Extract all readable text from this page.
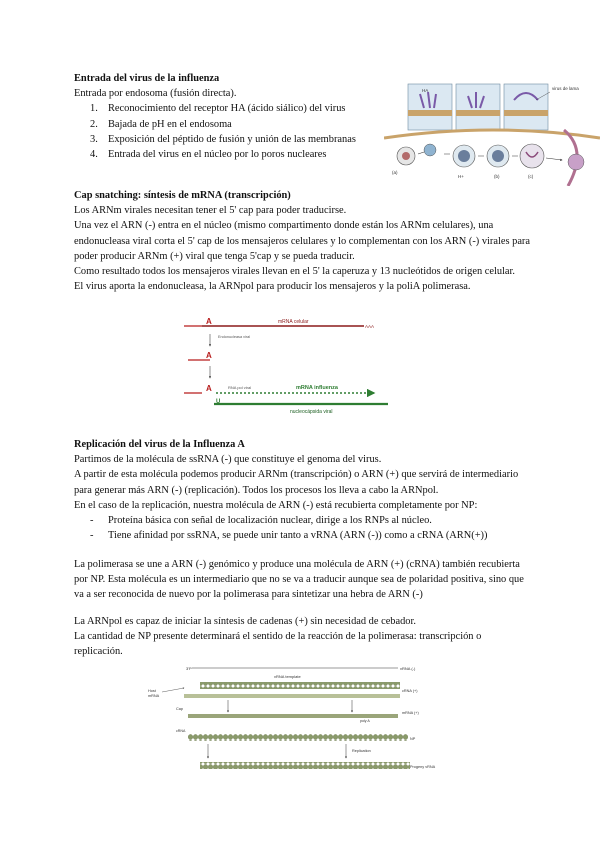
Entrada del virus de la influenza
Entrada por endosoma (fusión directa).
1. Reconocimiento del receptor HA (ácido siálico) del virus
2. Bajada de pH en el endosoma
3. Exposición del péptido de fusión y unión de las membranas
4. Entrada del virus en el núcleo por lo poros nucleares
HA	virus de lama
(a)
H+	(b)	(c)
Cap snatching: síntesis de mRNA (transcripción)
Los ARNm virales necesitan tener el 5' cap para poder traducirse.
Una vez el ARN (-) entra en el núcleo (mismo compartimento donde están los ARNm celulares), una endonucleasa viral corta el 5' cap de los mensajeros celulares y lo complementan con los ARN (-) virales para poder producir ARNm (+) viral que tenga 5'cap y se pueda traducir.
Como resultado todos los mensajeros virales llevan en el 5' la caperuza y 13 nucleótidos de origen celular.
El virus aporta la endonucleasa, la ARNpol para producir los mensajeros y la poliA polimerasa.
mRNA celular
A
AAA
Endonucleasa viral
A
A	RNA pol viral	mRNA influenza
U
nucleocápsida viral
Replicación del virus de la Influenza A
Partimos de la molécula de ssRNA (-) que constituye el genoma del virus.
A partir de esta molécula podemos producir ARNm (transcripción) o ARN (+) que servirá de intermediario para generar más ARN (-) (replicación). Todos los procesos los lleva a cabo la ARNpol.
En el caso de la replicación, nuestra molécula de ARN (-) está recubierta completamente por NP:
- Proteína básica con señal de localización nuclear, dirige a los RNPs al núcleo.
- Tiene afinidad por ssRNA, se puede unir tanto a vRNA (ARN (-)) como a cRNA (ARN(+))
La polimerasa se une a ARN (-) genómico y produce una molécula de ARN (+) (cRNA) también recubierta por NP. Esta molécula es un intermediario que no se va a traducir aunque sea de polaridad positiva, sino que va a ser reconocida de nuevo por la polimerasa para sintetizar una hebra de ARN (-)
La ARNpol es capaz de iniciar la síntesis de cadenas (+) sin necesidad de cebador.
La cantidad de NP presente determinará el sentido de la reacción de la polimerasa: transcripción o replicación.
3'P	vRNA (-)
vRNA template
Host
mRNA
cRNA (+)
Cap
mRNA (+)
poly A
cRNA
NP
Replication
Progeny vRNA
